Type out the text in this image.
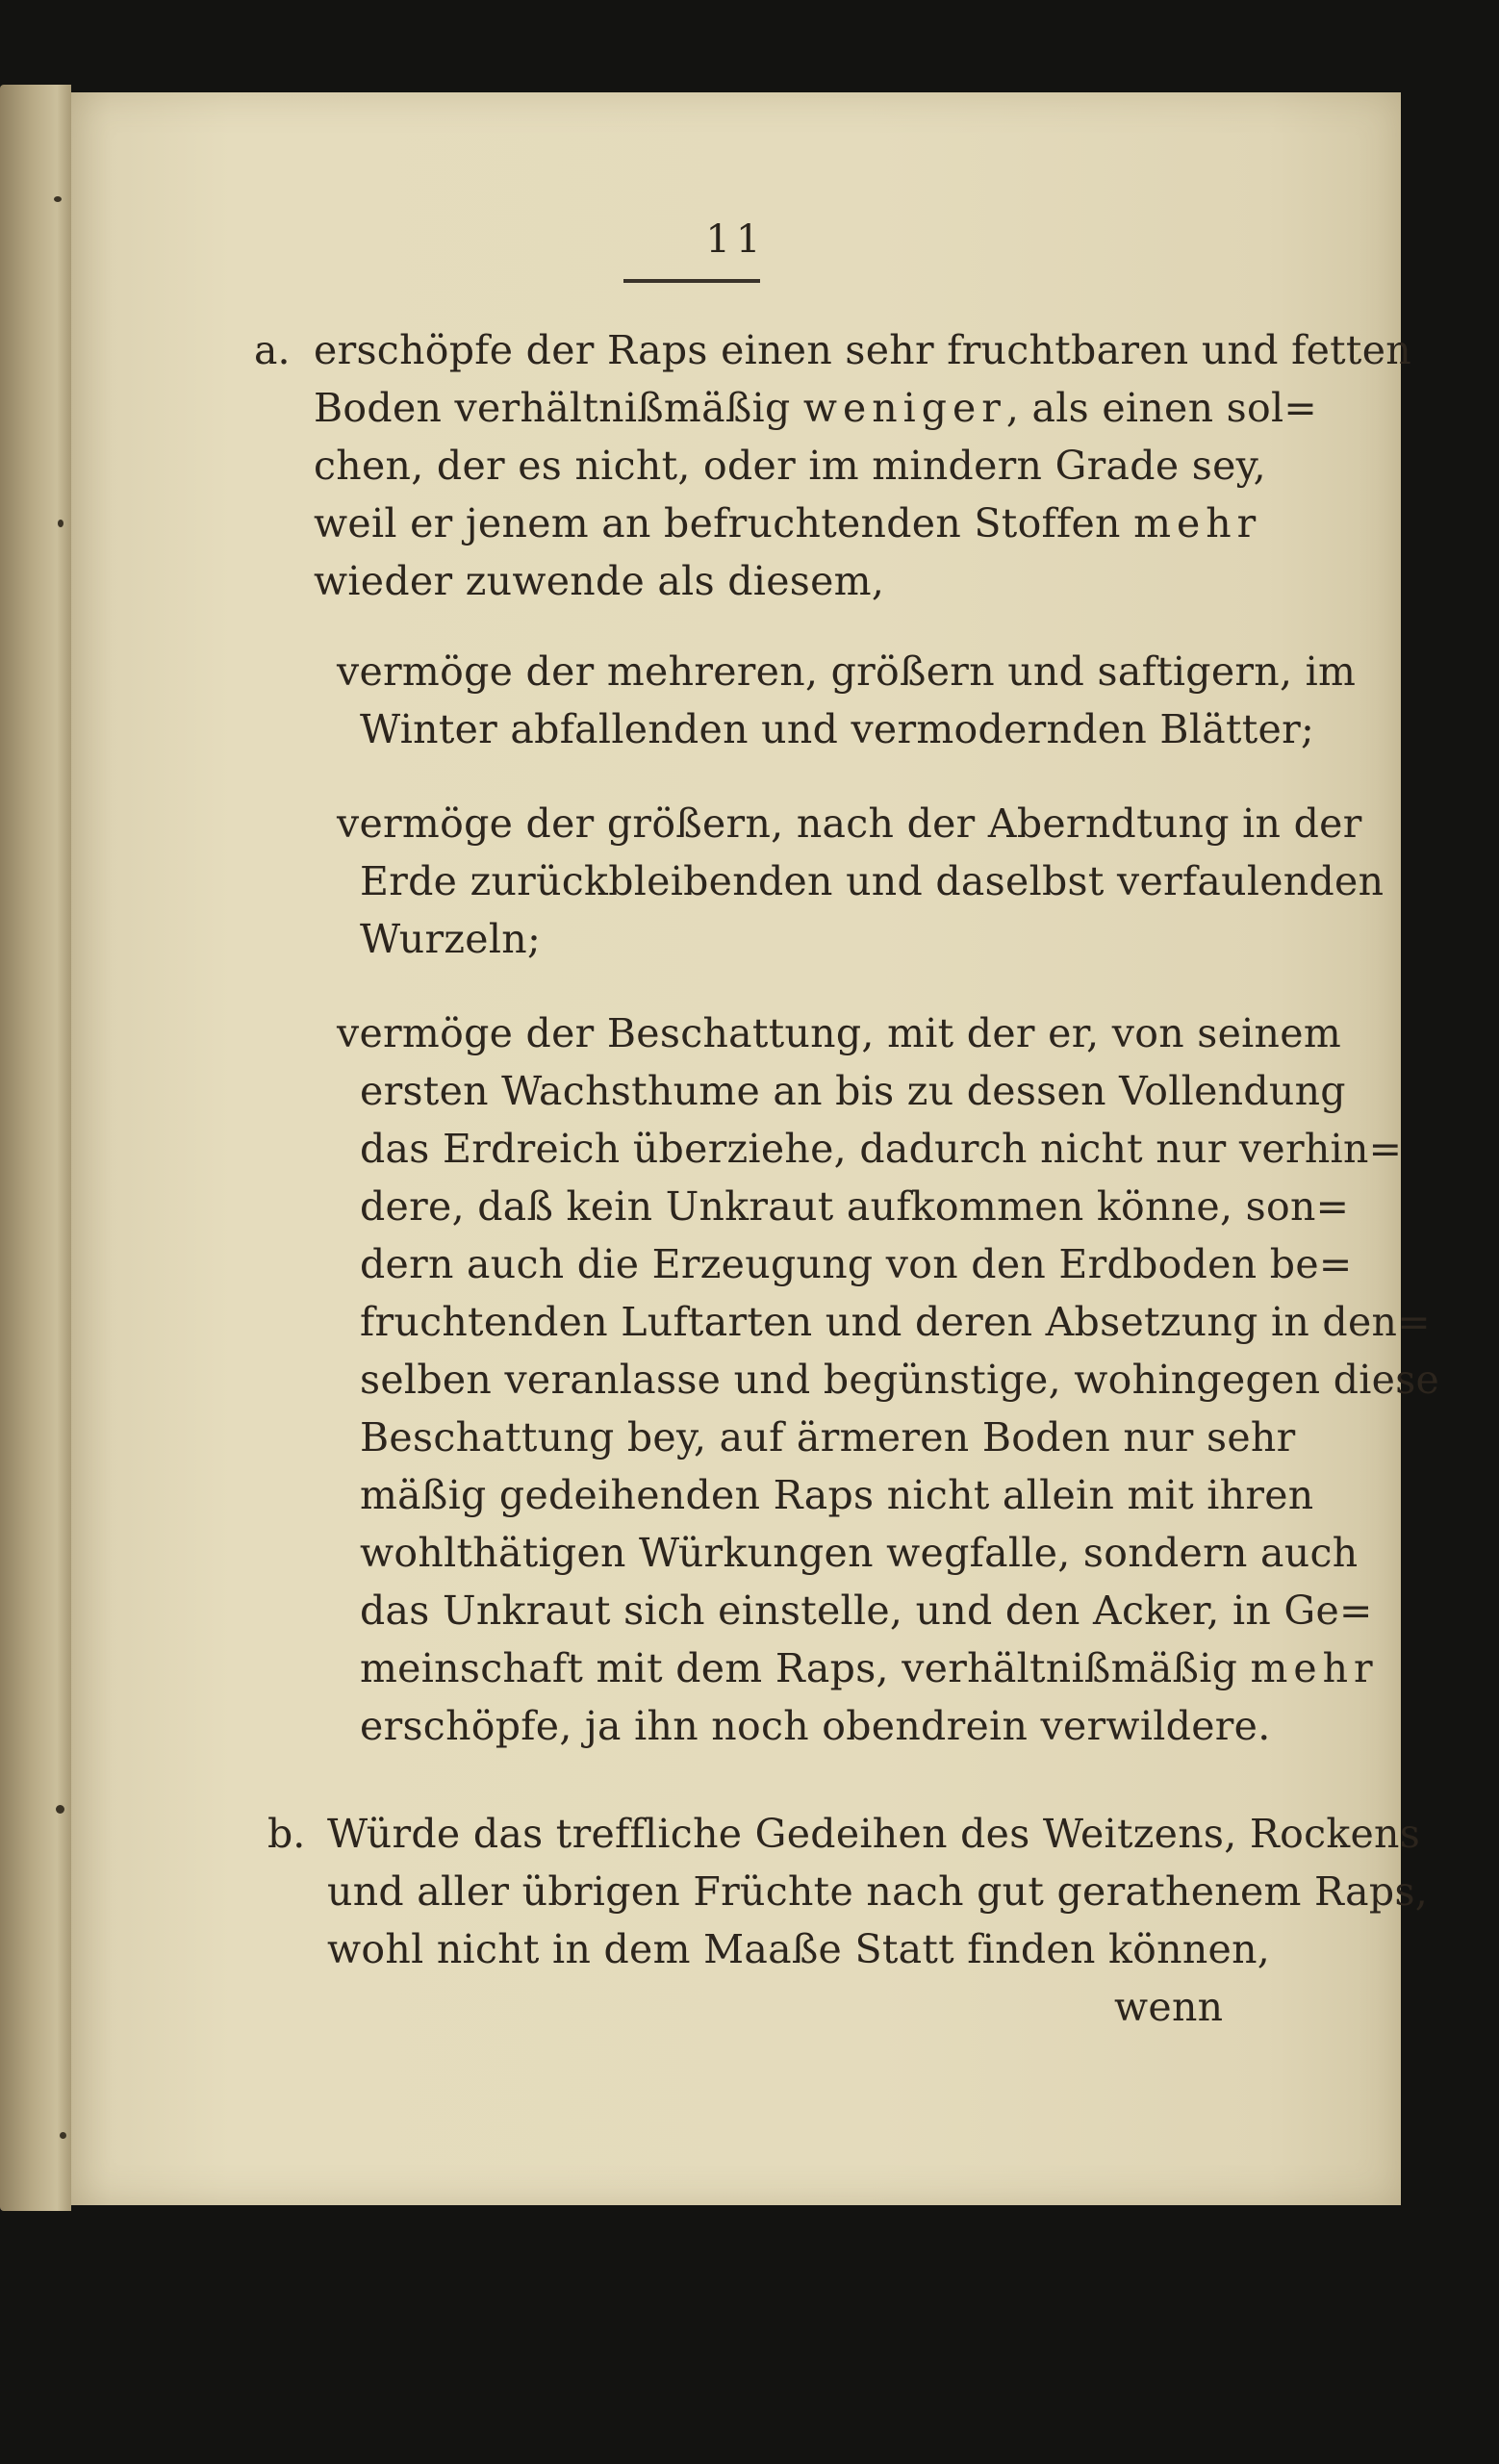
11
a. erschöpfe der Raps einen sehr fruchtbaren und fetten
Boden verhältnißmäßig weniger, als einen sol=
chen, der es nicht, oder im mindern Grade sey,
weil er jenem an befruchtenden Stoffen mehr
wieder zuwende als diesem,
vermöge der mehreren, größern und saftigern, im
Winter abfallenden und vermodernden Blätter;
vermöge der größern, nach der Aberndtung in der
Erde zurückbleibenden und daselbst verfaulenden
Wurzeln;
vermöge der Beschattung, mit der er, von seinem
ersten Wachsthume an bis zu dessen Vollendung
das Erdreich überziehe, dadurch nicht nur verhin=
dere, daß kein Unkraut aufkommen könne, son=
dern auch die Erzeugung von den Erdboden be=
fruchtenden Luftarten und deren Absetzung in den=
selben veranlasse und begünstige, wohingegen diese
Beschattung bey, auf ärmeren Boden nur sehr
mäßig gedeihenden Raps nicht allein mit ihren
wohlthätigen Würkungen wegfalle, sondern auch
das Unkraut sich einstelle, und den Acker, in Ge=
meinschaft mit dem Raps, verhältnißmäßig mehr
erschöpfe, ja ihn noch obendrein verwildere.
b. Würde das treffliche Gedeihen des Weitzens, Rockens
und aller übrigen Früchte nach gut gerathenem Raps,
wohl nicht in dem Maaße Statt finden können,
wenn
